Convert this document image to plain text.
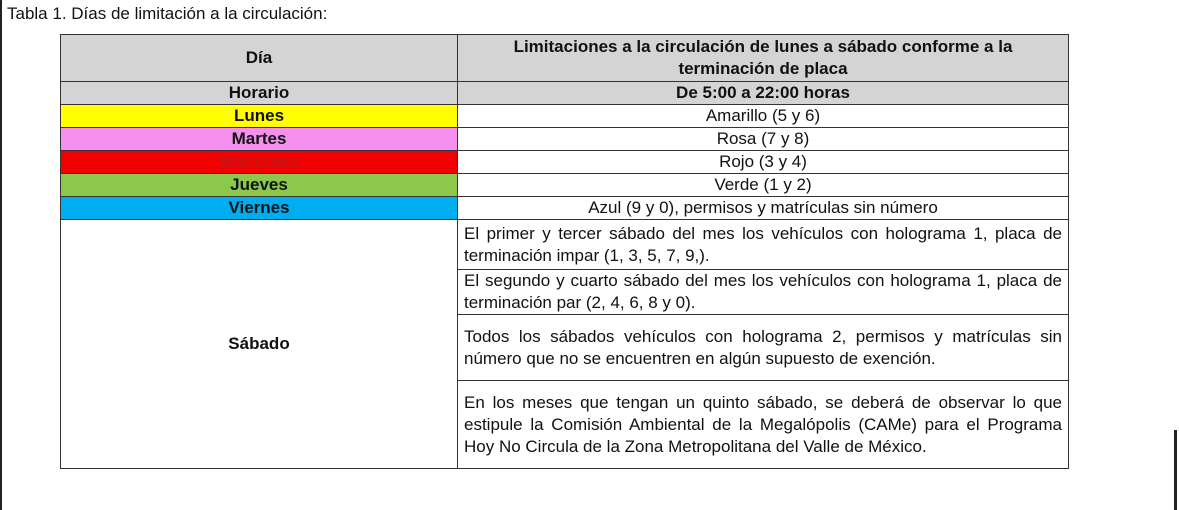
Tabla 1. Días de limitación a la circulación:
Día	Limitaciones a la circulación de lunes a sábado conforme a la terminación de placa
Horario	De 5:00 a 22:00 horas
Lunes	Amarillo (5 y 6)
Martes	Rosa (7 y 8)
Miércoles	Rojo (3 y 4)
Jueves	Verde (1 y 2)
Viernes	Azul (9 y 0), permisos y matrículas sin número
Sábado	El primer y tercer sábado del mes los vehículos con holograma 1, placa de terminación impar (1, 3, 5, 7, 9,).
	El segundo y cuarto sábado del mes los vehículos con holograma 1, placa de terminación par (2, 4, 6, 8 y 0).
	Todos los sábados vehículos con holograma 2, permisos y matrículas sin número que no se encuentren en algún supuesto de exención.
	En los meses que tengan un quinto sábado, se deberá de observar lo que estipule la Comisión Ambiental de la Megalópolis (CAMe) para el Programa Hoy No Circula de la Zona Metropolitana del Valle de México.
